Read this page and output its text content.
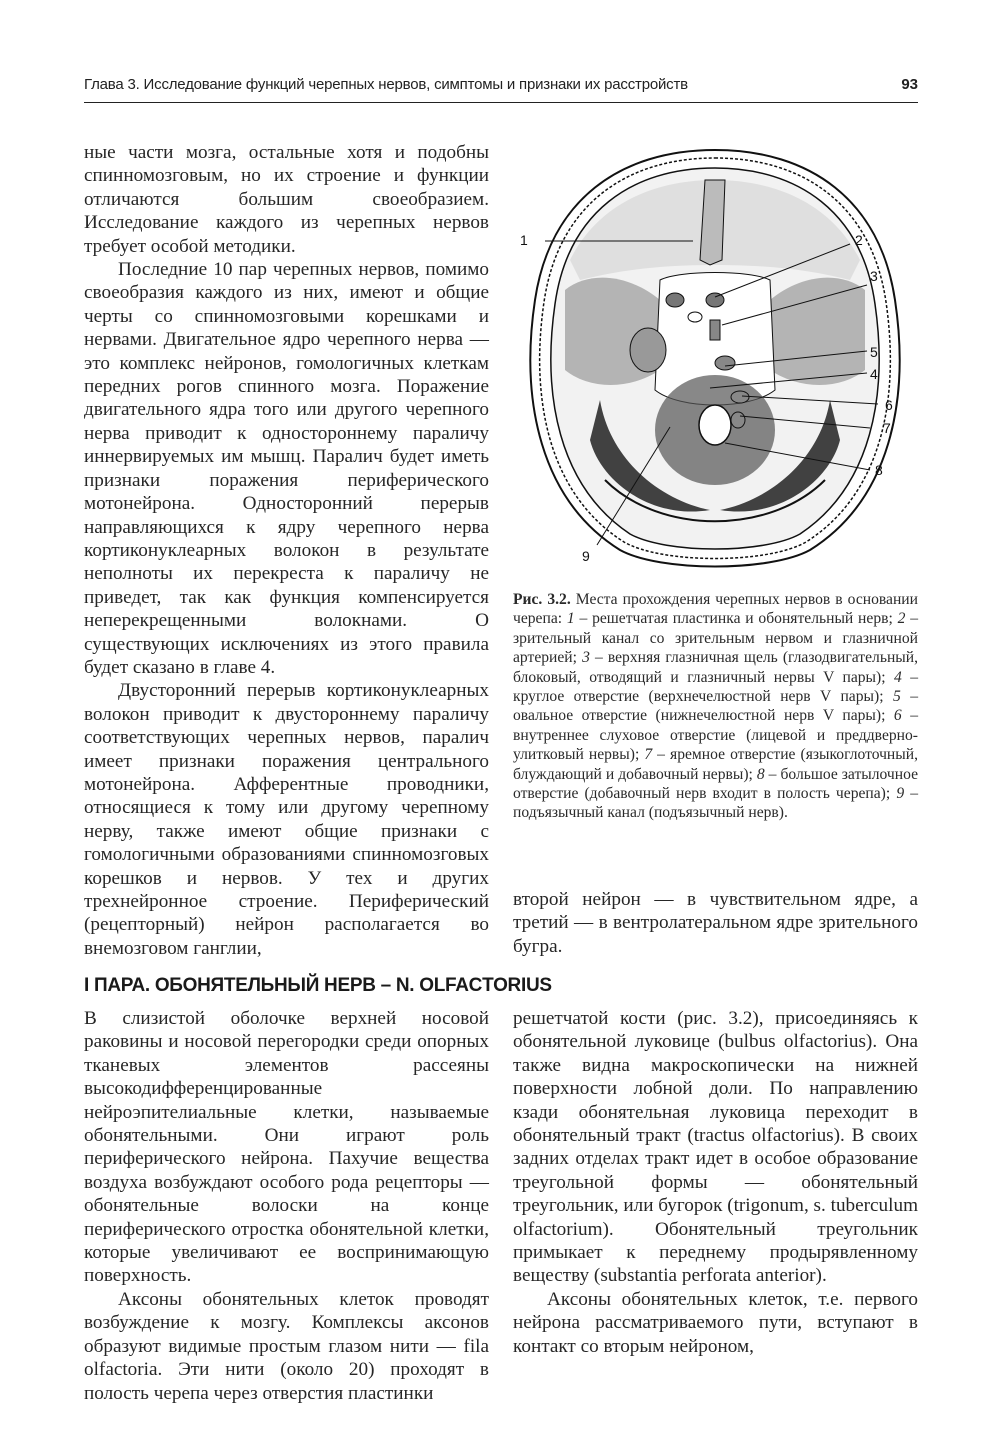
Глава 3. Исследование функций черепных нервов, симптомы и признаки их расстройств	93

ные части мозга, остальные хотя и подобны спинномозговым, но их строение и функции отличаются большим своеобразием. Исследование каждого из черепных нервов требует особой методики.

Последние 10 пар черепных нервов, помимо своеобразия каждого из них, имеют и общие черты со спинномозговыми корешками и нервами. Двигательное ядро черепного нерва — это комплекс нейронов, гомологичных клеткам передних рогов спинного мозга. Поражение двигательного ядра того или другого черепного нерва приводит к одностороннему параличу иннервируемых им мышц. Паралич будет иметь признаки поражения периферического мотонейрона. Односторонний перерыв направляющихся к ядру черепного нерва кортиконуклеарных волокон в результате неполноты их перекреста к параличу не приведет, так как функция компенсируется неперекрещенными волокнами. О существующих исключениях из этого правила будет сказано в главе 4.

Двусторонний перерыв кортиконуклеарных волокон приводит к двустороннему параличу соответствующих черепных нервов, паралич имеет признаки поражения центрального мотонейрона. Афферентные проводники, относящиеся к тому или другому черепному нерву, также имеют общие признаки с гомологичными образованиями спинномозговых корешков и нервов. У тех и других трехнейронное строение. Периферический (рецепторный) нейрон располагается во внемозговом ганглии,

1	2
3
5
4
6
7
8
9
Рис. 3.2. Места прохождения черепных нервов в основании черепа: 1 – решетчатая пластинка и обонятельный нерв; 2 – зрительный канал со зрительным нервом и глазничной артерией; 3 – верхняя глазничная щель (глазодвигательный, блоковый, отводящий и глазничный нервы V пары); 4 – круглое отверстие (верхнечелюстной нерв V пары); 5 – овальное отверстие (нижнечелюстной нерв V пары); 6 – внутреннее слуховое отверстие (лицевой и преддверно-улитковый нервы); 7 – яремное отверстие (языкоглоточный, блуждающий и добавочный нервы); 8 – большое затылочное отверстие (добавочный нерв входит в полость черепа); 9 – подъязычный канал (подъязычный нерв).

второй нейрон — в чувствительном ядре, а третий — в вентролатеральном ядре зрительного бугра.

I ПАРА. ОБОНЯТЕЛЬНЫЙ НЕРВ – N. OLFACTORIUS

В слизистой оболочке верхней носовой раковины и носовой перегородки среди опорных тканевых элементов рассеяны высокодифференцированные нейроэпителиальные клетки, называемые обонятельными. Они играют роль периферического нейрона. Пахучие вещества воздуха возбуждают особого рода рецепторы — обонятельные волоски на конце периферического отростка обонятельной клетки, которые увеличивают ее воспринимающую поверхность.

Аксоны обонятельных клеток проводят возбуждение к мозгу. Комплексы аксонов образуют видимые простым глазом нити — fila olfactoria. Эти нити (около 20) проходят в полость черепа через отверстия пластинки

решетчатой кости (рис. 3.2), присоединяясь к обонятельной луковице (bulbus olfactorius). Она также видна макроскопически на нижней поверхности лобной доли. По направлению кзади обонятельная луковица переходит в обонятельный тракт (tractus olfactorius). В своих задних отделах тракт идет в особое образование треугольной формы — обонятельный треугольник, или бугорок (trigonum, s. tuberculum olfactorium). Обонятельный треугольник примыкает к переднему продырявленному веществу (substantia perforata anterior).

Аксоны обонятельных клеток, т.е. первого нейрона рассматриваемого пути, вступают в контакт со вторым нейроном,
